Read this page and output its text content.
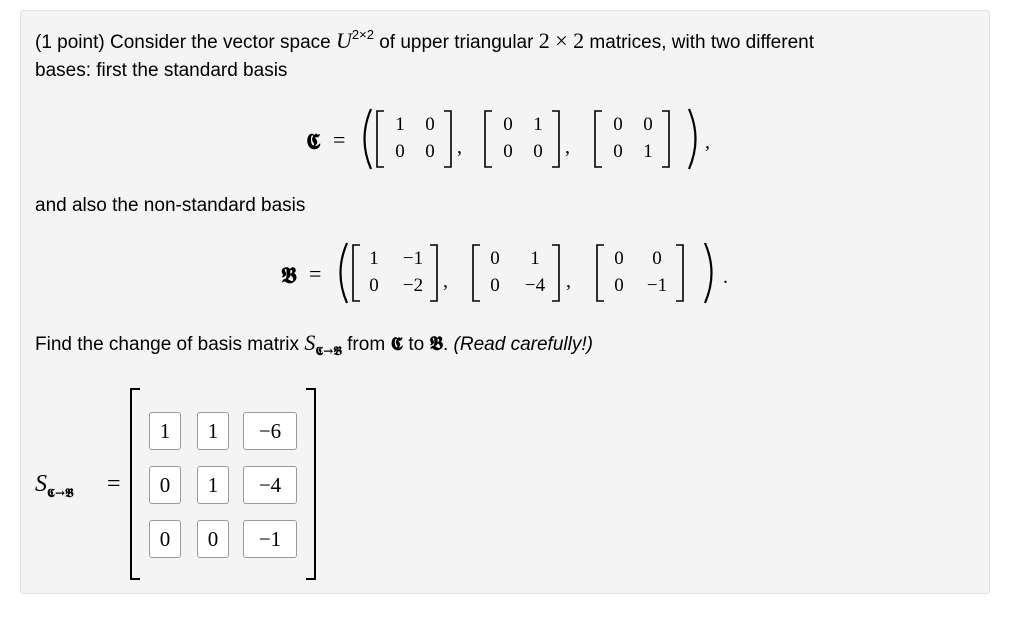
(1 point) Consider the vector space $U^{2\times 2}$ of upper triangular 2 × 2 matrices, with two different
bases: first the standard basis
𝕮 =	,
1 0
0 0 ,
0 1
0 0 ,
0 0
0 1
and also the non-standard basis
𝕭 =	.
1 −1
0 −2 ,
0	1
0 −4 ,
0	0
0 −1
Find the change of basis matrix $S_{𝕮\to 𝕭}$ from 𝕮 to 𝕭. (Read carefully!)
$S_{𝕮\to 𝕭}$ =
1	1	−6
0	1	−4
0	0	−1
